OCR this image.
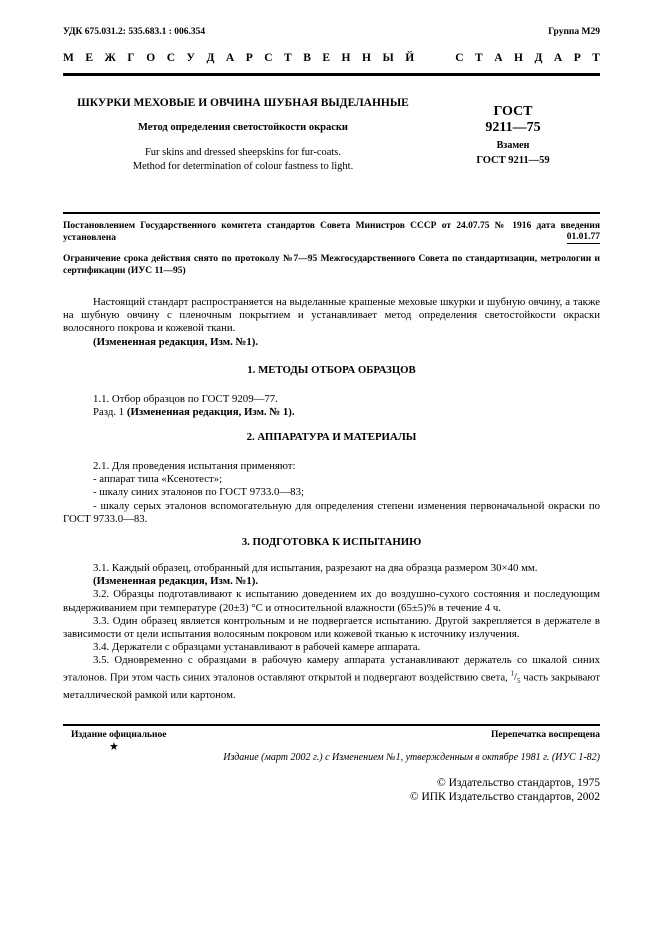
УДК 675.031.2: 535.683.1 : 006.354	Группа М29
М Е Ж Г О С У Д А Р С Т В Е Н Н Ы Й	С Т А Н Д А Р Т

ШКУРКИ МЕХОВЫЕ И ОВЧИНА ШУБНАЯ ВЫДЕЛАННЫЕ

Метод определения светостойкости окраски

Fur skins and dressed sheepskins for fur-coats.
Method for determination of colour fastness to light.

ГОСТ
9211—75
Взамен
ГОСТ 9211—59
Постановлением Государственного комитета стандартов Совета Министров СССР от 24.07.75 № 1916 дата введения установлена	01.01.77
Ограничение срока действия снято по протоколу №7—95 Межгосударственного Совета по стандартизации, метрологии и сертификации (ИУС 11—95)

Настоящий стандарт распространяется на выделанные крашеные меховые шкурки и шубную овчину, а также на шубную овчину с пленочным покрытием и устанавливает метод определения светостойкости окраски волосяного покрова и кожевой ткани.

(Измененная редакция, Изм. №1).

1. МЕТОДЫ ОТБОРА ОБРАЗЦОВ

1.1. Отбор образцов по ГОСТ 9209—77.

Разд. 1 (Измененная редакция, Изм. № 1).

2. АППАРАТУРА И МАТЕРИАЛЫ

2.1. Для проведения испытания применяют:

- аппарат типа «Ксенотест»;

- шкалу синих эталонов по ГОСТ 9733.0—83;

- шкалу серых эталонов вспомогательную для определения степени изменения первоначальной окраски по ГОСТ 9733.0—83.

3. ПОДГОТОВКА К ИСПЫТАНИЮ

3.1. Каждый образец, отобранный для испытания, разрезают на два образца размером 30×40 мм.

(Измененная редакция, Изм. №1).

3.2. Образцы подготавливают к испытанию доведением их до воздушно-сухого состояния и последующим выдерживанием при температуре (20±3) °С и относительной влажности (65±5)% в течение 4 ч.

3.3. Один образец является контрольным и не подвергается испытанию. Другой закрепляется в держателе в зависимости от цели испытания волосяным покровом или кожевой тканью к источнику излучения.

3.4. Держатели с образцами устанавливают в рабочей камере аппарата.

3.5. Одновременно с образцами в рабочую камеру аппарата устанавливают держатель со шкалой синих эталонов. При этом часть синих эталонов оставляют открытой и подвергают воздействию света, $^1/_5$ часть закрывают металлической рамкой или картоном.

Издание официальное
★
Перепечатка воспрещена
Издание (март 2002 г.) с Изменением №1, утвержденным в октябре 1981 г. (ИУС 1-82)
© Издательство стандартов, 1975
© ИПК Издательство стандартов, 2002
